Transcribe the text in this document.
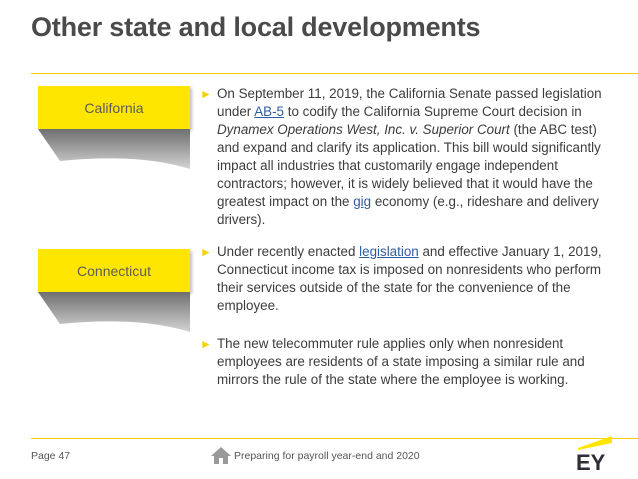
Other state and local developments
California
Connecticut
► On September 11, 2019, the California Senate passed legislation under AB-5 to codify the California Supreme Court decision in Dynamex Operations West, Inc. v. Superior Court (the ABC test) and expand and clarify its application. This bill would significantly impact all industries that customarily engage independent contractors; however, it is widely believed that it would have the greatest impact on the gig economy (e.g., rideshare and delivery drivers).
► Under recently enacted legislation and effective January 1, 2019, Connecticut income tax is imposed on nonresidents who perform their services outside of the state for the convenience of the employee.
► The new telecommuter rule applies only when nonresident employees are residents of a state imposing a similar rule and mirrors the rule of the state where the employee is working.
Page 47	Preparing for payroll year-end and 2020	EY
